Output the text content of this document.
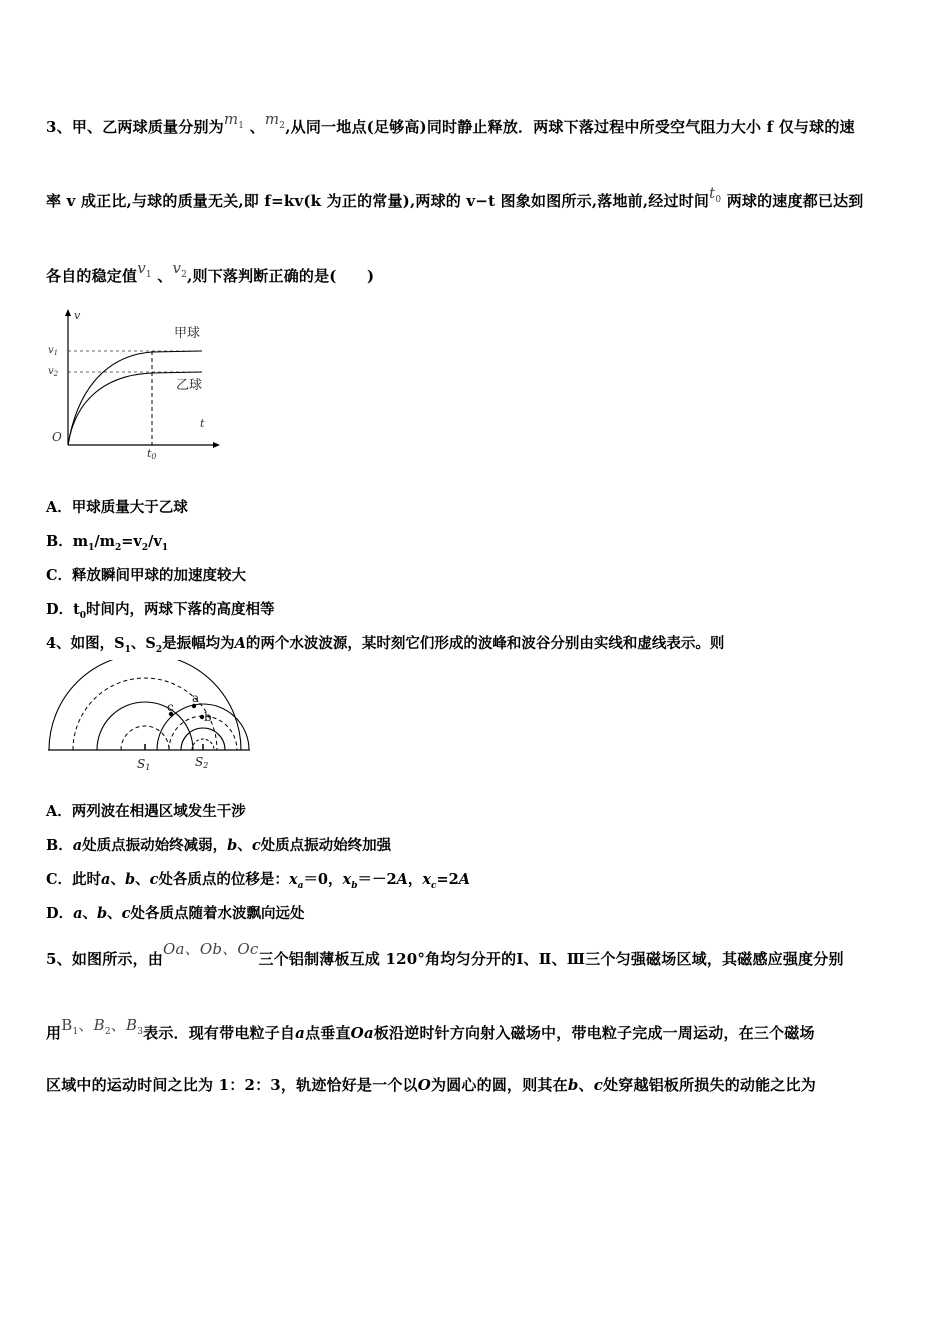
3、甲、乙两球质量分别为$m_1$ 、$m_2$,从同一地点(足够高)同时静止释放．两球下落过程中所受空气阻力大小 f 仅与球的速
率 v 成正比,与球的质量无关,即 f=kv(k 为正的常量),两球的 v−t 图象如图所示,落地前,经过时间$t_0$ 两球的速度都已达到
各自的稳定值$v_1$ 、$v_2$,则下落判断正确的是(　　)
v
t
O
$v_1$
$v_2$
t0
甲球
乙球
A．甲球质量大于乙球
B．$m_1/m_2=v_2/v_1$
C．释放瞬间甲球的加速度较大
D．$t_0$时间内，两球下落的高度相等
4、如图，$S_1$、$S_2$是振幅均为A的两个水波波源，某时刻它们形成的波峰和波谷分别由实线和虚线表示。则
a
b
c
S1	S2
A．两列波在相遇区域发生干涉
B．a处质点振动始终减弱，b、c处质点振动始终加强
C．此时a、b、c处各质点的位移是：$x_a=0$，$x_b=-2A$，$x_c=2A$
D．a、b、c处各质点随着水波飘向远处
5、如图所示，由Oa、Ob、Oc三个铝制薄板互成 120°角均匀分开的Ⅰ、Ⅱ、Ⅲ三个匀强磁场区域，其磁感应强度分别
用$B_1$、$B_2$、$B_3$表示．现有带电粒子自a点垂直Oa板沿逆时针方向射入磁场中，带电粒子完成一周运动，在三个磁场
区域中的运动时间之比为 1：2：3，轨迹恰好是一个以O为圆心的圆，则其在b、c处穿越铝板所损失的动能之比为
